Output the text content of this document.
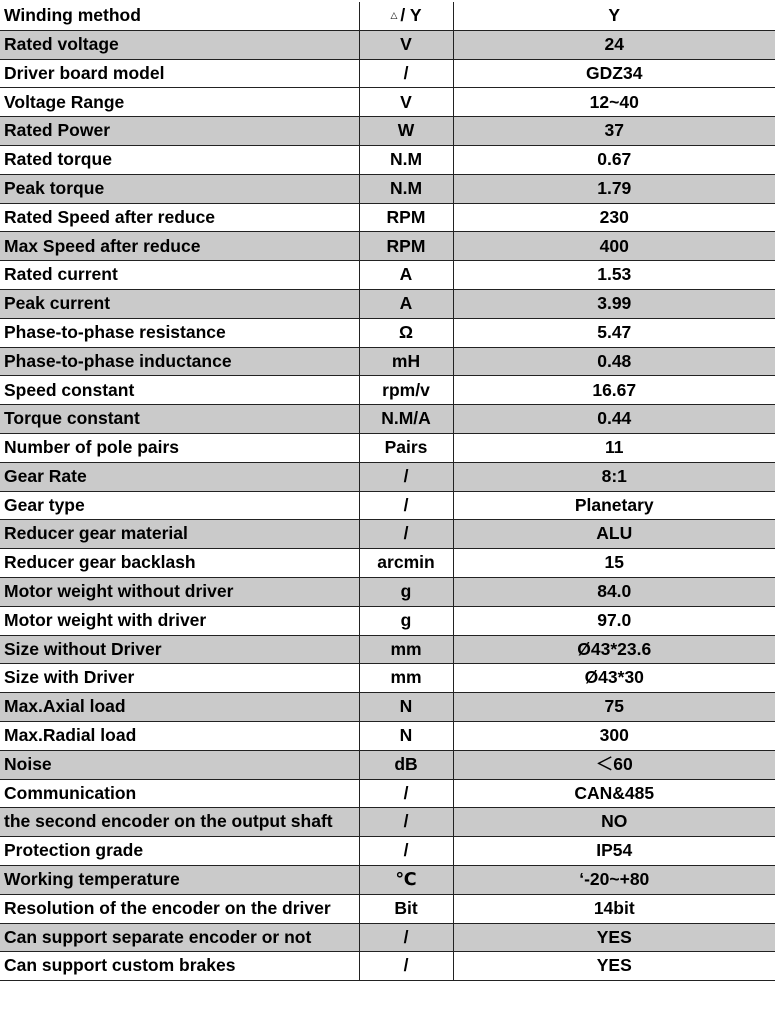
Winding method	△ / Y	Y
Rated voltage	V	24
Driver board model	/	GDZ34
Voltage Range	V	12~40
Rated Power	W	37
Rated torque	N.M	0.67
Peak torque	N.M	1.79
Rated Speed after reduce	RPM	230
Max Speed after reduce	RPM	400
Rated current	A	1.53
Peak current	A	3.99
Phase-to-phase resistance	Ω	5.47
Phase-to-phase inductance	mH	0.48
Speed constant	rpm/v	16.67
Torque constant	N.M/A	0.44
Number of pole pairs	Pairs	11
Gear Rate	/	8:1
Gear type	/	Planetary
Reducer gear material	/	ALU
Reducer gear backlash	arcmin	15
Motor weight without driver	g	84.0
Motor weight with driver	g	97.0
Size without Driver	mm	Ø43*23.6
Size with Driver	mm	Ø43*30
Max.Axial load	N	75
Max.Radial load	N	300
Noise	dB	＜60
Communication	/	CAN&485
the second encoder on the output shaft	/	NO
Protection grade	/	IP54
Working temperature	℃	‘-20~+80
Resolution of the encoder on the driver	Bit	14bit
Can support separate encoder or not	/	YES
Can support custom brakes	/	YES
